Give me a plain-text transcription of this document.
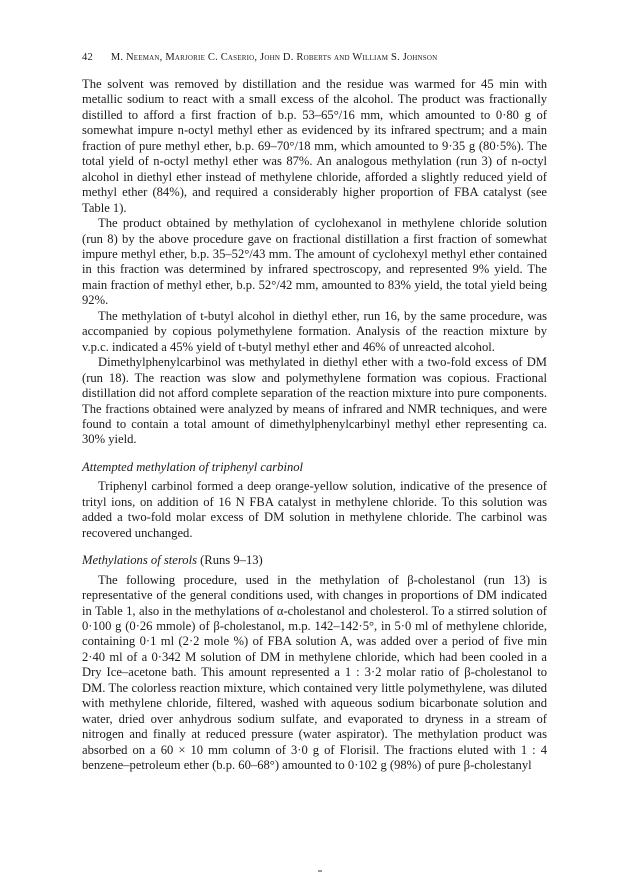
42 M. Neeman, Marjorie C. Caserio, John D. Roberts and William S. Johnson

The solvent was removed by distillation and the residue was warmed for 45 min with metallic sodium to react with a small excess of the alcohol. The product was fractionally distilled to afford a first fraction of b.p. 53–65°/16 mm, which amounted to 0·80 g of somewhat impure n-octyl methyl ether as evidenced by its infrared spectrum; and a main fraction of pure methyl ether, b.p. 69–70°/18 mm, which amounted to 9·35 g (80·5%). The total yield of n-octyl methyl ether was 87%. An analogous methylation (run 3) of n-octyl alcohol in diethyl ether instead of methylene chloride, afforded a slightly reduced yield of methyl ether (84%), and required a considerably higher proportion of FBA catalyst (see Table 1).

The product obtained by methylation of cyclohexanol in methylene chloride solution (run 8) by the above procedure gave on fractional distillation a first fraction of somewhat impure methyl ether, b.p. 35–52°/43 mm. The amount of cyclohexyl methyl ether contained in this fraction was determined by infrared spectroscopy, and represented 9% yield. The main fraction of methyl ether, b.p. 52°/42 mm, amounted to 83% yield, the total yield being 92%.

The methylation of t-butyl alcohol in diethyl ether, run 16, by the same procedure, was accompanied by copious polymethylene formation. Analysis of the reaction mixture by v.p.c. indicated a 45% yield of t-butyl methyl ether and 46% of unreacted alcohol.

Dimethylphenylcarbinol was methylated in diethyl ether with a two-fold excess of DM (run 18). The reaction was slow and polymethylene formation was copious. Fractional distillation did not afford complete separation of the reaction mixture into pure components. The fractions obtained were analyzed by means of infrared and NMR techniques, and were found to contain a total amount of dimethylphenylcarbinyl methyl ether representing ca. 30% yield.

Attempted methylation of triphenyl carbinol

Triphenyl carbinol formed a deep orange-yellow solution, indicative of the presence of trityl ions, on addition of 16 N FBA catalyst in methylene chloride. To this solution was added a two-fold molar excess of DM solution in methylene chloride. The carbinol was recovered unchanged.

Methylations of sterols (Runs 9–13)

The following procedure, used in the methylation of β-cholestanol (run 13) is representative of the general conditions used, with changes in proportions of DM indicated in Table 1, also in the methylations of α-cholestanol and cholesterol. To a stirred solution of 0·100 g (0·26 mmole) of β-cholestanol, m.p. 142–142·5°, in 5·0 ml of methylene chloride, containing 0·1 ml (2·2 mole %) of FBA solution A, was added over a period of five min 2·40 ml of a 0·342 M solution of DM in methylene chloride, which had been cooled in a Dry Ice–acetone bath. This amount represented a 1 : 3·2 molar ratio of β-cholestanol to DM. The colorless reaction mixture, which contained very little polymethylene, was diluted with methylene chloride, filtered, washed with aqueous sodium bicarbonate solution and water, dried over anhydrous sodium sulfate, and evaporated to dryness in a stream of nitrogen and finally at reduced pressure (water aspirator). The methylation product was absorbed on a 60 × 10 mm column of 3·0 g of Florisil. The fractions eluted with 1 : 4 benzene–petroleum ether (b.p. 60–68°) amounted to 0·102 g (98%) of pure β-cholestanyl
